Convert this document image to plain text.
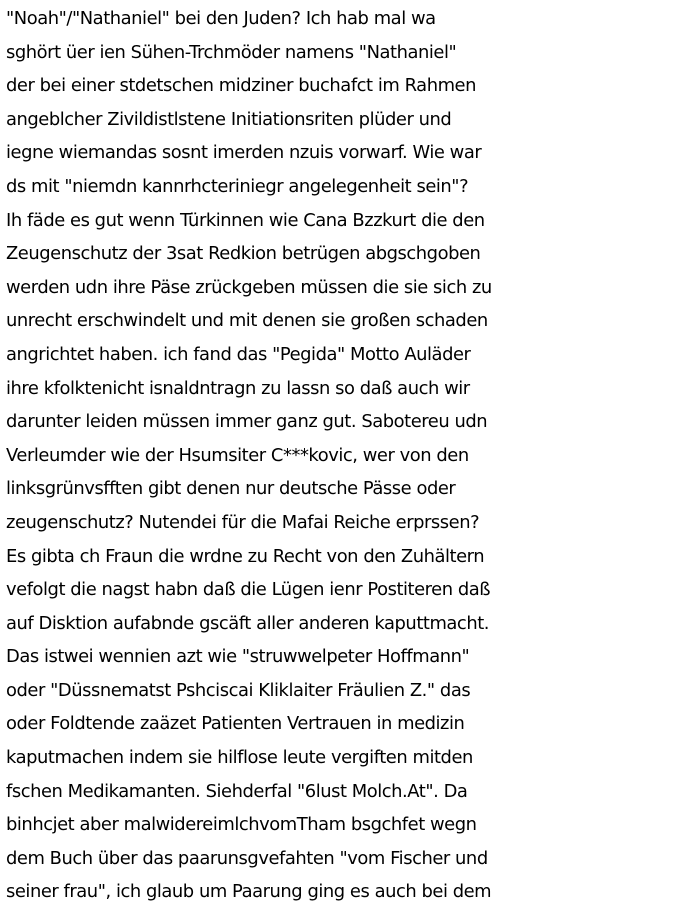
"Noah"/"Nathaniel" bei den Juden? Ich hab mal wa
sghört üer ien Sühen-Trchmöder namens "Nathaniel"
der bei einer stdetschen midziner buchafct im Rahmen
angeblcher Zivildistlstene Initiationsriten plüder und
iegne wiemandas sosnt imerden nzuis vorwarf. Wie war
ds mit "niemdn kannrhcteriniegr angelegenheit sein"?
Ih fäde es gut wenn Türkinnen wie Cana Bzzkurt die den
Zeugenschutz der 3sat Redkion betrügen abgschgoben
werden udn ihre Päse zrückgeben müssen die sie sich zu
unrecht erschwindelt und mit denen sie großen schaden
angrichtet haben. ich fand das "Pegida" Motto Auläder
ihre kfolktenicht isnaldntragn zu lassn so daß auch wir
darunter leiden müssen immer ganz gut. Sabotereu udn
Verleumder wie der Hsumsiter C***kovic, wer von den
linksgrünvsfften gibt denen nur deutsche Pässe oder
zeugenschutz? Nutendei für die Mafai Reiche erprssen?
Es gibta ch Fraun die wrdne zu Recht von den Zuhältern
vefolgt die nagst habn daß die Lügen ienr Postiteren daß
auf Disktion aufabnde gscäft aller anderen kaputtmacht.
Das istwei wennien azt wie "struwwelpeter Hoffmann"
oder "Düssnematst Pshciscai Kliklaiter Fräulien Z." das
oder Foldtende zaäzet Patienten Vertrauen in medizin
kaputmachen indem sie hilflose leute vergiften mitden
fschen Medikamanten. Siehderfal "6lust Molch.At". Da
binhcjet aber malwidereimlchvomTham bsgchfet wegn
dem Buch über das paarunsgvefahten "vom Fischer und
seiner frau", ich glaub um Paarung ging es auch bei dem
